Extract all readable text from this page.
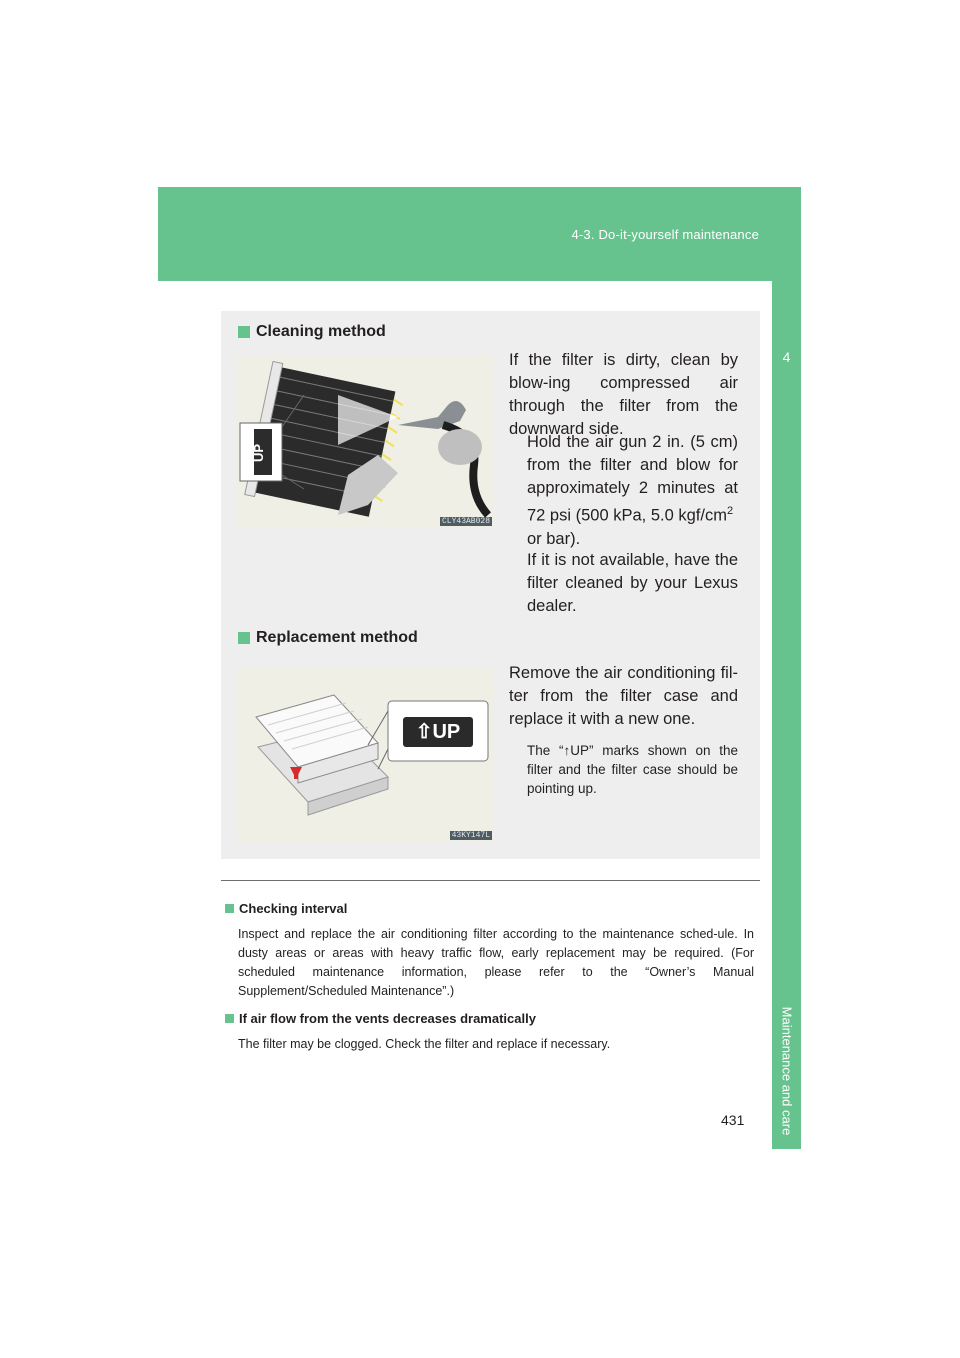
4-3. Do-it-yourself maintenance
4
Maintenance and care
Cleaning method
UP
CLY43AB028
If the filter is dirty, clean by blow-ing compressed air through the filter from the downward side.
Hold the air gun 2 in. (5 cm)
from the filter and blow for
approximately 2 minutes at
72 psi (500 kPa, 5.0 kgf/$cm^2$
or bar).
If it is not available, have the filter cleaned by your Lexus dealer.
Replacement method
⇧UP
43KY147L
Remove the air conditioning fil-ter from the filter case and replace it with a new one.
The “↑UP” marks shown on the filter and the filter case should be pointing up.
Checking interval
Inspect and replace the air conditioning filter according to the maintenance sched-ule. In dusty areas or areas with heavy traffic flow, early replacement may be required. (For scheduled maintenance information, please refer to the “Owner’s Manual Supplement/Scheduled Maintenance”.)
If air flow from the vents decreases dramatically
The filter may be clogged. Check the filter and replace if necessary.
431
